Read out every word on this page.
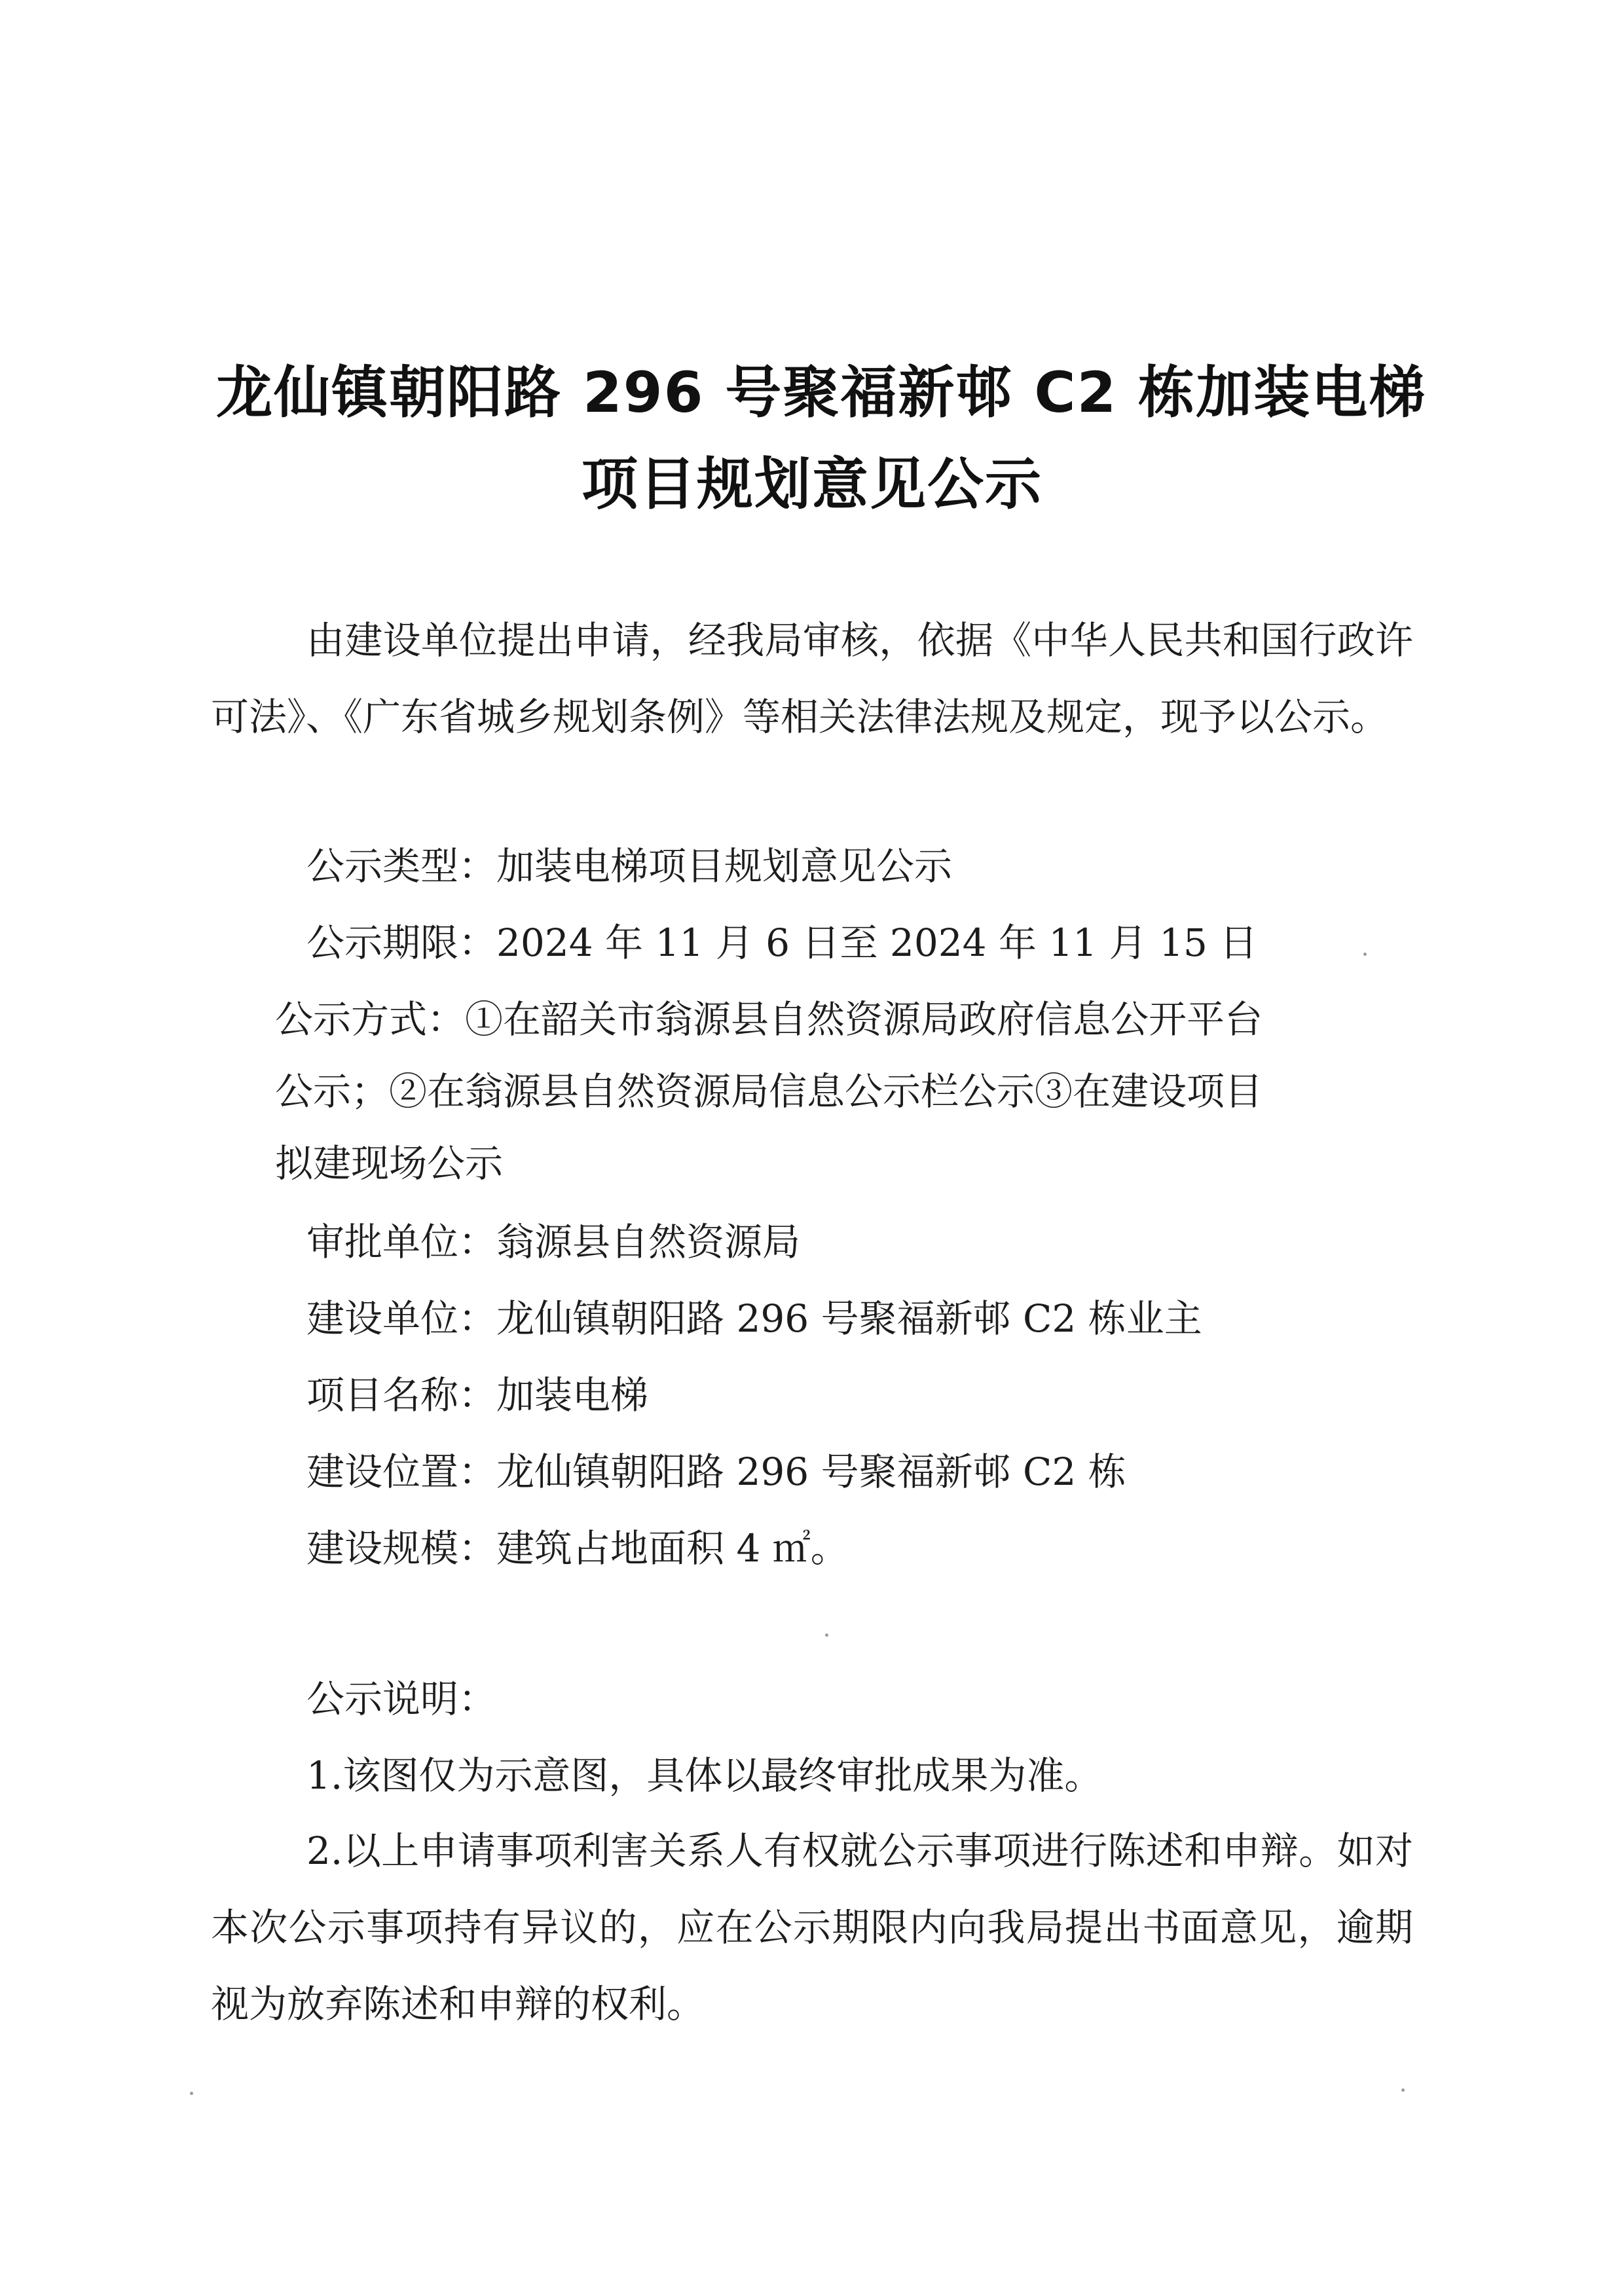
龙仙镇朝阳路 296 号聚福新邨 C2 栋加装电梯
项目规划意见公示
由建设单位提出申请，经我局审核，依据《中华人民共和国行政许可法》、《广东省城乡规划条例》等相关法律法规及规定，现予以公示。
公示类型：加装电梯项目规划意见公示
公示期限：2024 年 11 月 6 日至 2024 年 11 月 15 日
公示方式：①在韶关市翁源县自然资源局政府信息公开平台
公示；②在翁源县自然资源局信息公示栏公示③在建设项目
拟建现场公示
审批单位：翁源县自然资源局
建设单位：龙仙镇朝阳路 296 号聚福新邨 C2 栋业主
项目名称：加装电梯
建设位置：龙仙镇朝阳路 296 号聚福新邨 C2 栋
建设规模：建筑占地面积 4 ㎡。
公示说明：
1.该图仅为示意图，具体以最终审批成果为准。
2.以上申请事项利害关系人有权就公示事项进行陈述和申辩。如对本次公示事项持有异议的，应在公示期限内向我局提出书面意见，逾期视为放弃陈述和申辩的权利。
